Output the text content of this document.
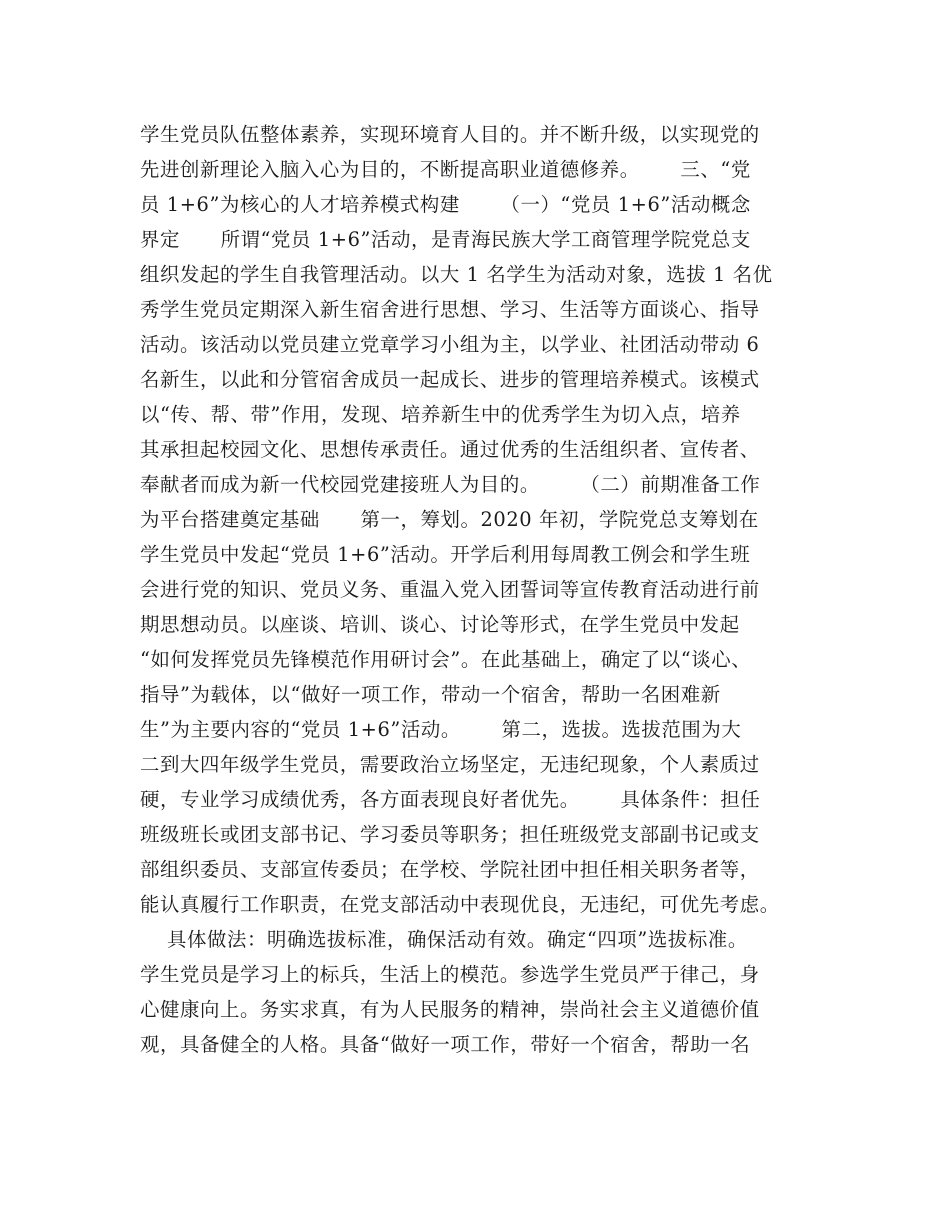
学生党员队伍整体素养，实现环境育人目的。并不断升级，以实现党的
先进创新理论入脑入心为目的，不断提高职业道德修养。      三、“党
员 1+6”为核心的人才培养模式构建      （一）“党员 1+6”活动概念
界定      所谓“党员 1+6”活动，是青海民族大学工商管理学院党总支
组织发起的学生自我管理活动。以大 1 名学生为活动对象，选拔 1 名优
秀学生党员定期深入新生宿舍进行思想、学习、生活等方面谈心、指导
活动。该活动以党员建立党章学习小组为主，以学业、社团活动带动 6
名新生，以此和分管宿舍成员一起成长、进步的管理培养模式。该模式
以“传、帮、带”作用，发现、培养新生中的优秀学生为切入点，培养
其承担起校园文化、思想传承责任。通过优秀的生活组织者、宣传者、
奉献者而成为新一代校园党建接班人为目的。      （二）前期准备工作
为平台搭建奠定基础      第一，筹划。2020 年初，学院党总支筹划在
学生党员中发起“党员 1+6”活动。开学后利用每周教工例会和学生班
会进行党的知识、党员义务、重温入党入团誓词等宣传教育活动进行前
期思想动员。以座谈、培训、谈心、讨论等形式，在学生党员中发起
“如何发挥党员先锋模范作用研讨会”。在此基础上，确定了以“谈心、
指导”为载体，以“做好一项工作，带动一个宿舍，帮助一名困难新
生”为主要内容的“党员 1+6”活动。      第二，选拔。选拔范围为大
二到大四年级学生党员，需要政治立场坚定，无违纪现象，个人素质过
硬，专业学习成绩优秀，各方面表现良好者优先。      具体条件：担任
班级班长或团支部书记、学习委员等职务；担任班级党支部副书记或支
部组织委员、支部宣传委员；在学校、学院社团中担任相关职务者等，
能认真履行工作职责，在党支部活动中表现优良，无违纪，可优先考虑。
具体做法：明确选拔标准，确保活动有效。确定“四项”选拔标准。
学生党员是学习上的标兵，生活上的模范。参选学生党员严于律己，身
心健康向上。务实求真，有为人民服务的精神，崇尚社会主义道德价值
观，具备健全的人格。具备“做好一项工作，带好一个宿舍，帮助一名
